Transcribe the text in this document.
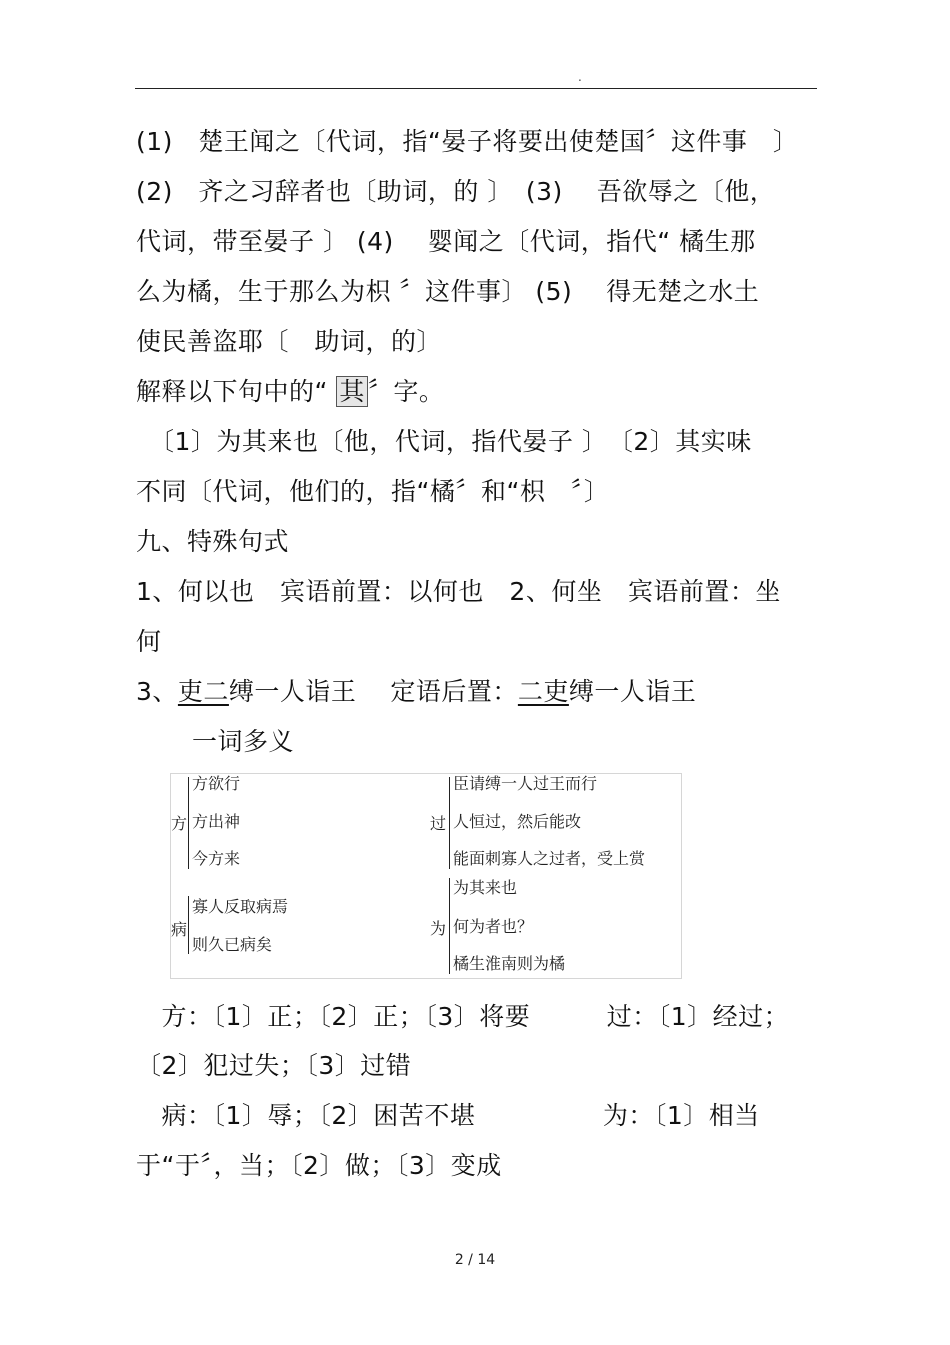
.
(1)　楚王闻之〔代词，指“晏子将要出使楚国〞这件事　〕
(2)　齐之习辞者也〔助词，的 〕　(3)　 吾欲辱之〔他，
代词，带至晏子 〕 (4)　 婴闻之〔代词，指代“ 橘生那
么为橘，生于那么为枳 〞这件事〕 (5)　 得无楚之水土
使民善盗耶〔　助词，的〕
解释以下句中的“ 其 〞字。
　〔1〕为其来也〔他，代词，指代晏子 〕　〔2〕其实味
不同〔代词，他们的，指“橘〞和“枳　〞〕
九、特殊句式
1、何以也　宾语前置：以何也　2、何坐　宾语前置：坐
何
3、吏二缚一人诣王　 定语后置：二吏缚一人诣王
一词多义
方
方欲行
方出神
今方来
病
寡人反取病焉
则久已病矣
过
臣请缚一人过王而行
人恒过，然后能改
能面刺寡人之过者，受上赏
为
为其来也
何为者也？
橘生淮南则为橘
　方：〔1〕正；〔2〕正；〔3〕将要　　　过：〔1〕经过；
〔2〕犯过失；〔3〕过错
　病：〔1〕辱；〔2〕困苦不堪　　　　　为：〔1〕相当
于“于〞，当；〔2〕做；〔3〕变成
2 / 14
